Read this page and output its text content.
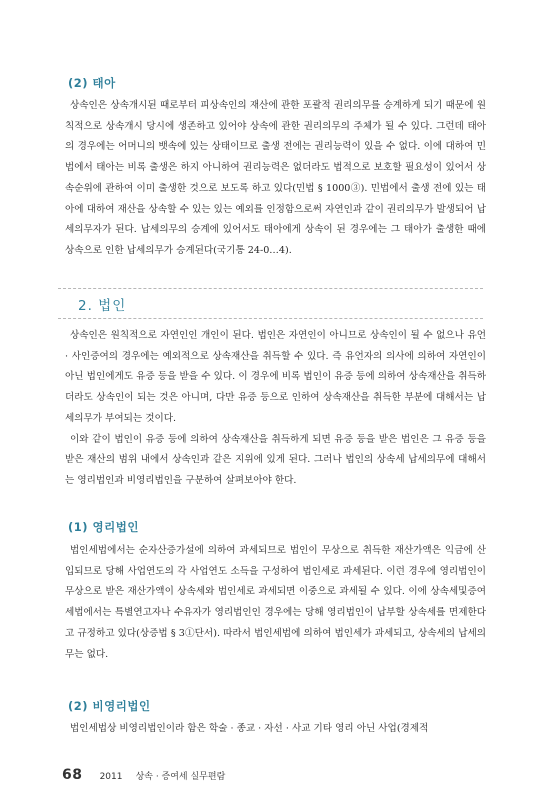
(2) 태아

상속인은 상속개시된 때로부터 피상속인의 재산에 관한 포괄적 권리의무를 승계하게 되기 때문에 원칙적으로 상속개시 당시에 생존하고 있어야 상속에 관한 권리의무의 주체가 될 수 있다. 그런데 태아의 경우에는 어머니의 뱃속에 있는 상태이므로 출생 전에는 권리능력이 있을 수 없다. 이에 대하여 민법에서 태아는 비록 출생은 하지 아니하여 권리능력은 없더라도 법적으로 보호할 필요성이 있어서 상속순위에 관하여 이미 출생한 것으로 보도록 하고 있다(민법 § 1000③). 민법에서 출생 전에 있는 태아에 대하여 재산을 상속할 수 있는 있는 예외를 인정함으로써 자연인과 같이 권리의무가 발생되어 납세의무자가 된다. 납세의무의 승계에 있어서도 태아에게 상속이 된 경우에는 그 태아가 출생한 때에 상속으로 인한 납세의무가 승계된다(국기통 24-0…4).

2. 법인

상속인은 원칙적으로 자연인인 개인이 된다. 법인은 자연인이 아니므로 상속인이 될 수 없으나 유언 · 사인증여의 경우에는 예외적으로 상속재산을 취득할 수 있다. 즉 유언자의 의사에 의하여 자연인이 아닌 법인에게도 유증 등을 받을 수 있다. 이 경우에 비록 법인이 유증 등에 의하여 상속재산을 취득하더라도 상속인이 되는 것은 아니며, 다만 유증 등으로 인하여 상속재산을 취득한 부분에 대해서는 납세의무가 부여되는 것이다.

이와 같이 법인이 유증 등에 의하여 상속재산을 취득하게 되면 유증 등을 받은 법인은 그 유증 등을 받은 재산의 범위 내에서 상속인과 같은 지위에 있게 된다. 그러나 법인의 상속세 납세의무에 대해서는 영리법인과 비영리법인을 구분하여 살펴보아야 한다.

(1) 영리법인

법인세법에서는 순자산증가설에 의하여 과세되므로 법인이 무상으로 취득한 재산가액은 익금에 산입되므로 당해 사업연도의 각 사업연도 소득을 구성하여 법인세로 과세된다. 이런 경우에 영리법인이 무상으로 받은 재산가액이 상속세와 법인세로 과세되면 이중으로 과세될 수 있다. 이에 상속세및증여세법에서는 특별연고자나 수유자가 영리법인인 경우에는 당해 영리법인이 납부할 상속세를 면제한다고 규정하고 있다(상증법 § 3①단서). 따라서 법인세법에 의하여 법인세가 과세되고, 상속세의 납세의무는 없다.

(2) 비영리법인

법인세법상 비영리법인이라 함은 학술 · 종교 · 자선 · 사교 기타 영리 아닌 사업(경제적

68 2011 상속 · 증여세 실무편람
